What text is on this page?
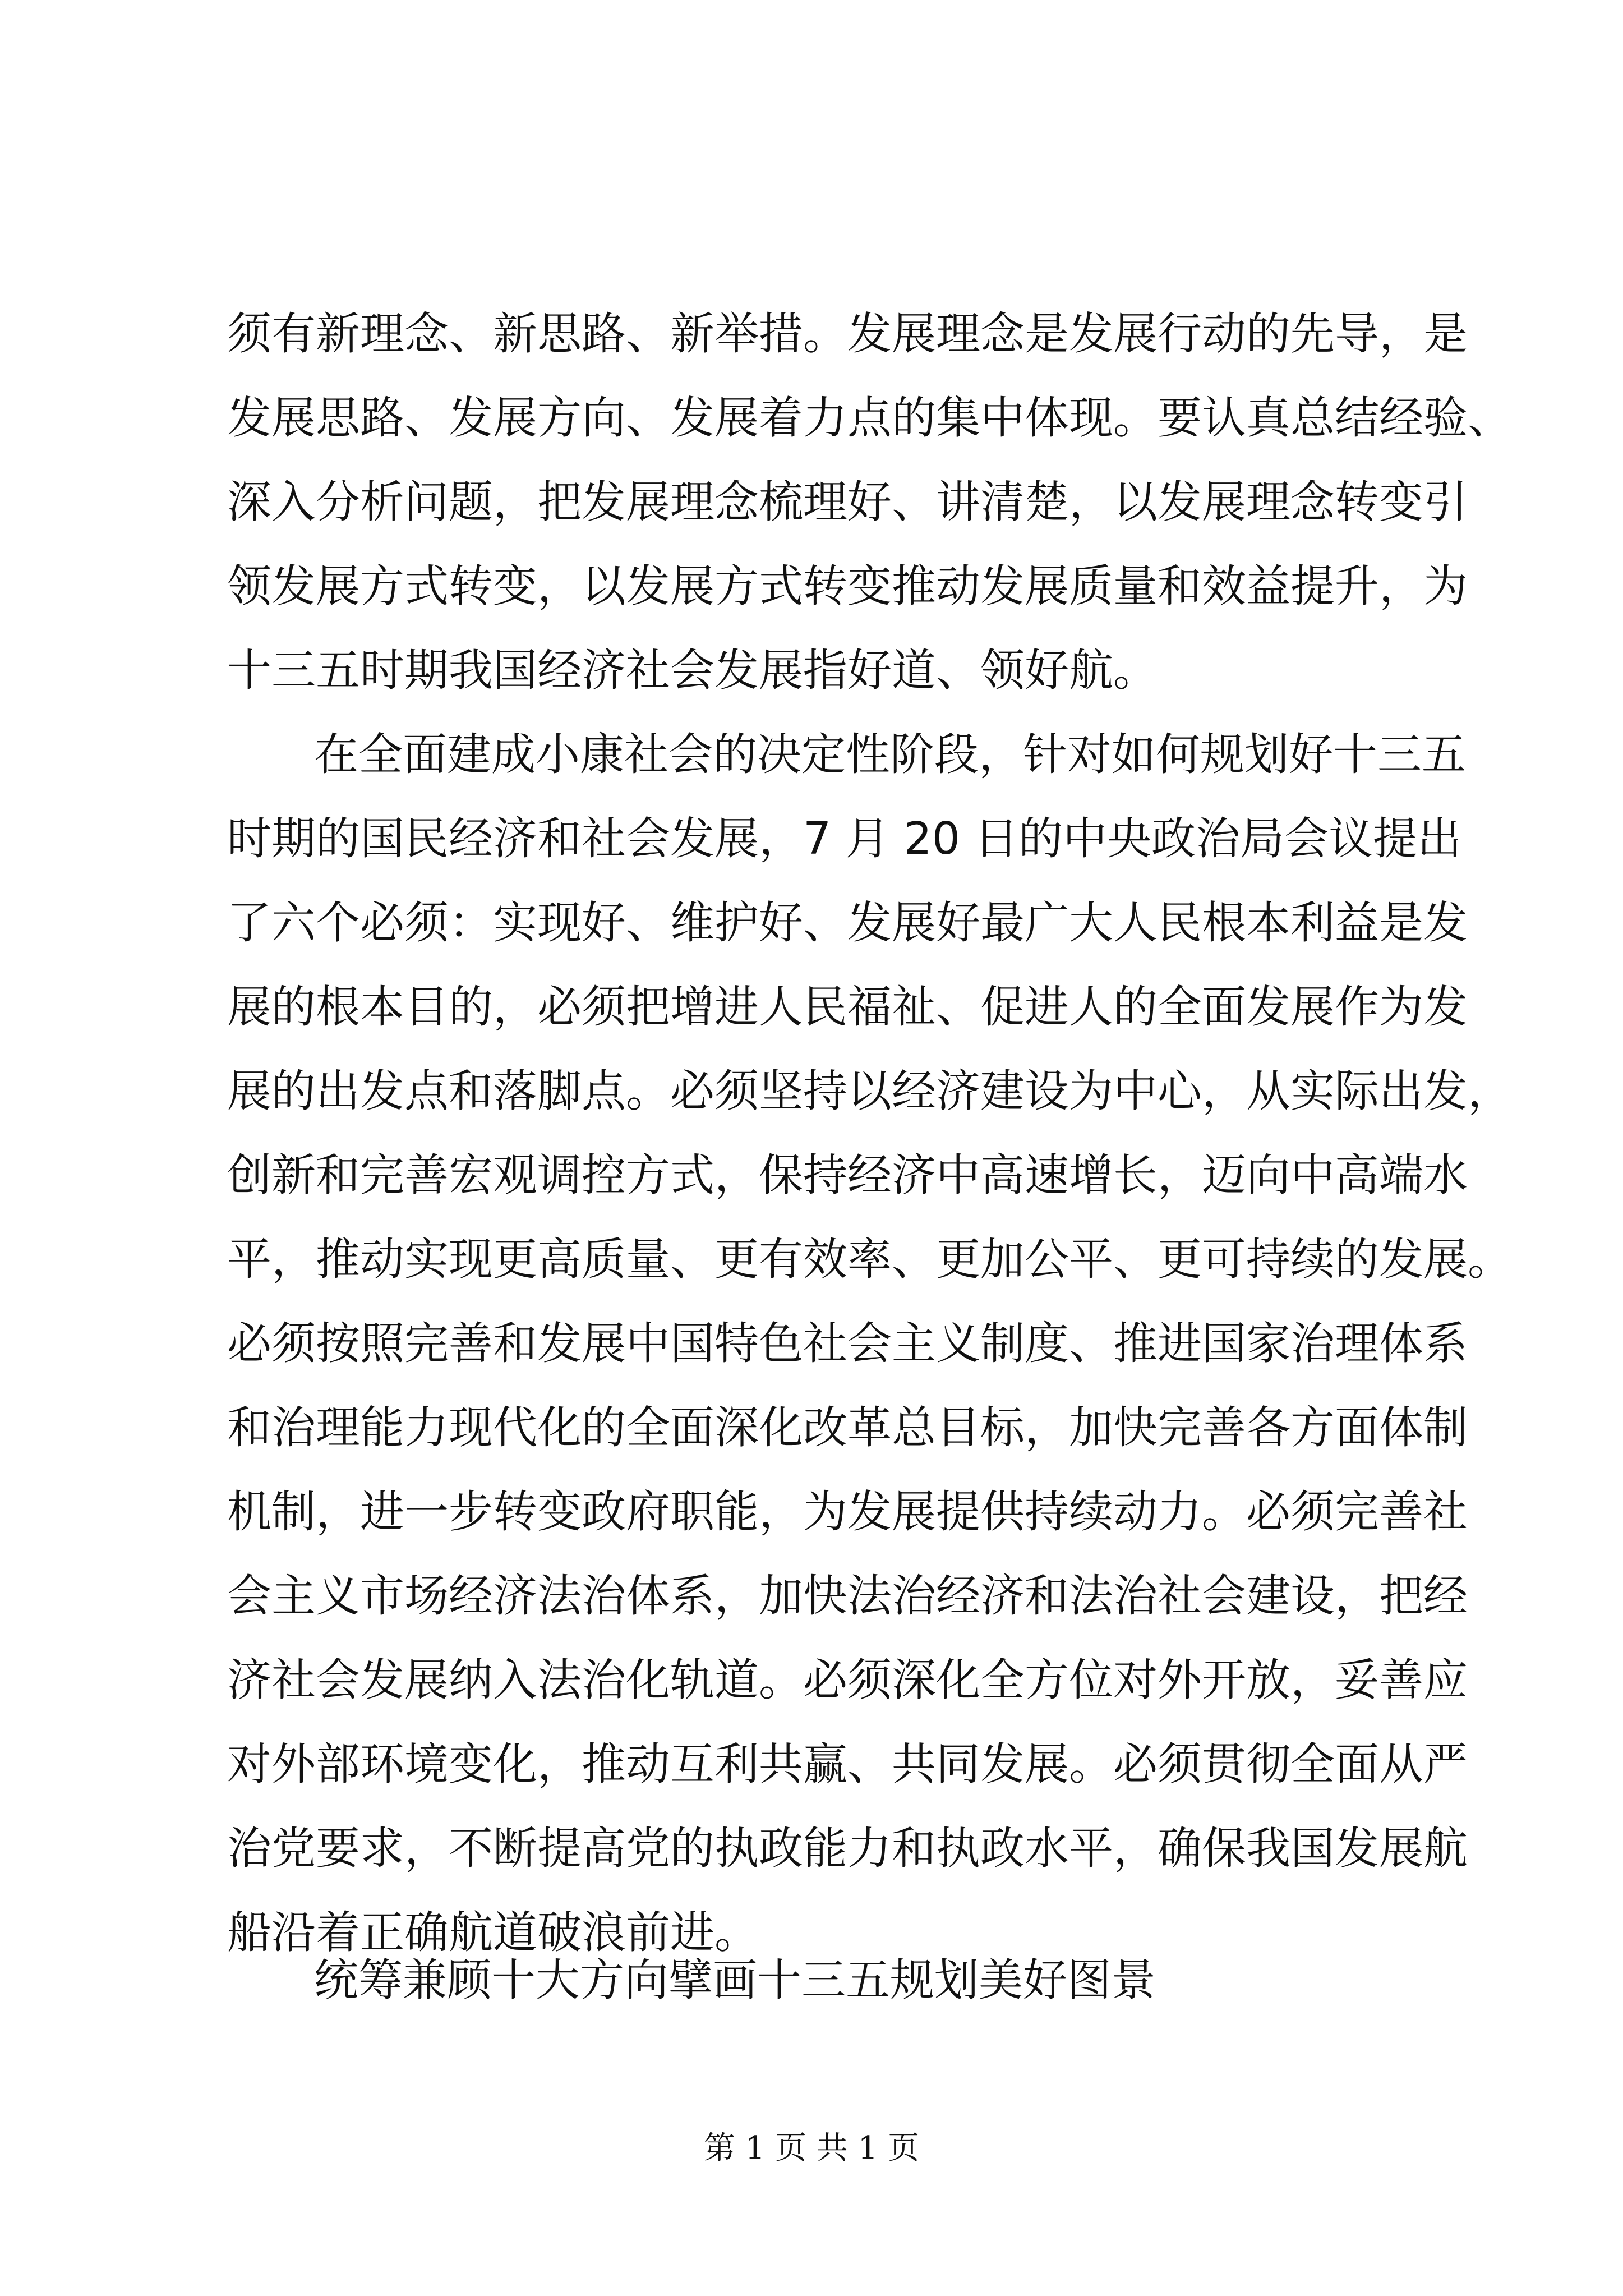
须有新理念、新思路、新举措。发展理念是发展行动的先导，是
发展思路、发展方向、发展着力点的集中体现。要认真总结经验、
深入分析问题，把发展理念梳理好、讲清楚，以发展理念转变引
领发展方式转变，以发展方式转变推动发展质量和效益提升，为
十三五时期我国经济社会发展指好道、领好航。
在全面建成小康社会的决定性阶段，针对如何规划好十三五
时期的国民经济和社会发展，7 月 20 日的中央政治局会议提出
了六个必须：实现好、维护好、发展好最广大人民根本利益是发
展的根本目的，必须把增进人民福祉、促进人的全面发展作为发
展的出发点和落脚点。必须坚持以经济建设为中心，从实际出发，
创新和完善宏观调控方式，保持经济中高速增长，迈向中高端水
平，推动实现更高质量、更有效率、更加公平、更可持续的发展。
必须按照完善和发展中国特色社会主义制度、推进国家治理体系
和治理能力现代化的全面深化改革总目标，加快完善各方面体制
机制，进一步转变政府职能，为发展提供持续动力。必须完善社
会主义市场经济法治体系，加快法治经济和法治社会建设，把经
济社会发展纳入法治化轨道。必须深化全方位对外开放，妥善应
对外部环境变化，推动互利共赢、共同发展。必须贯彻全面从严
治党要求，不断提高党的执政能力和执政水平，确保我国发展航
船沿着正确航道破浪前进。
统筹兼顾十大方向擘画十三五规划美好图景
第 1 页 共 1 页
